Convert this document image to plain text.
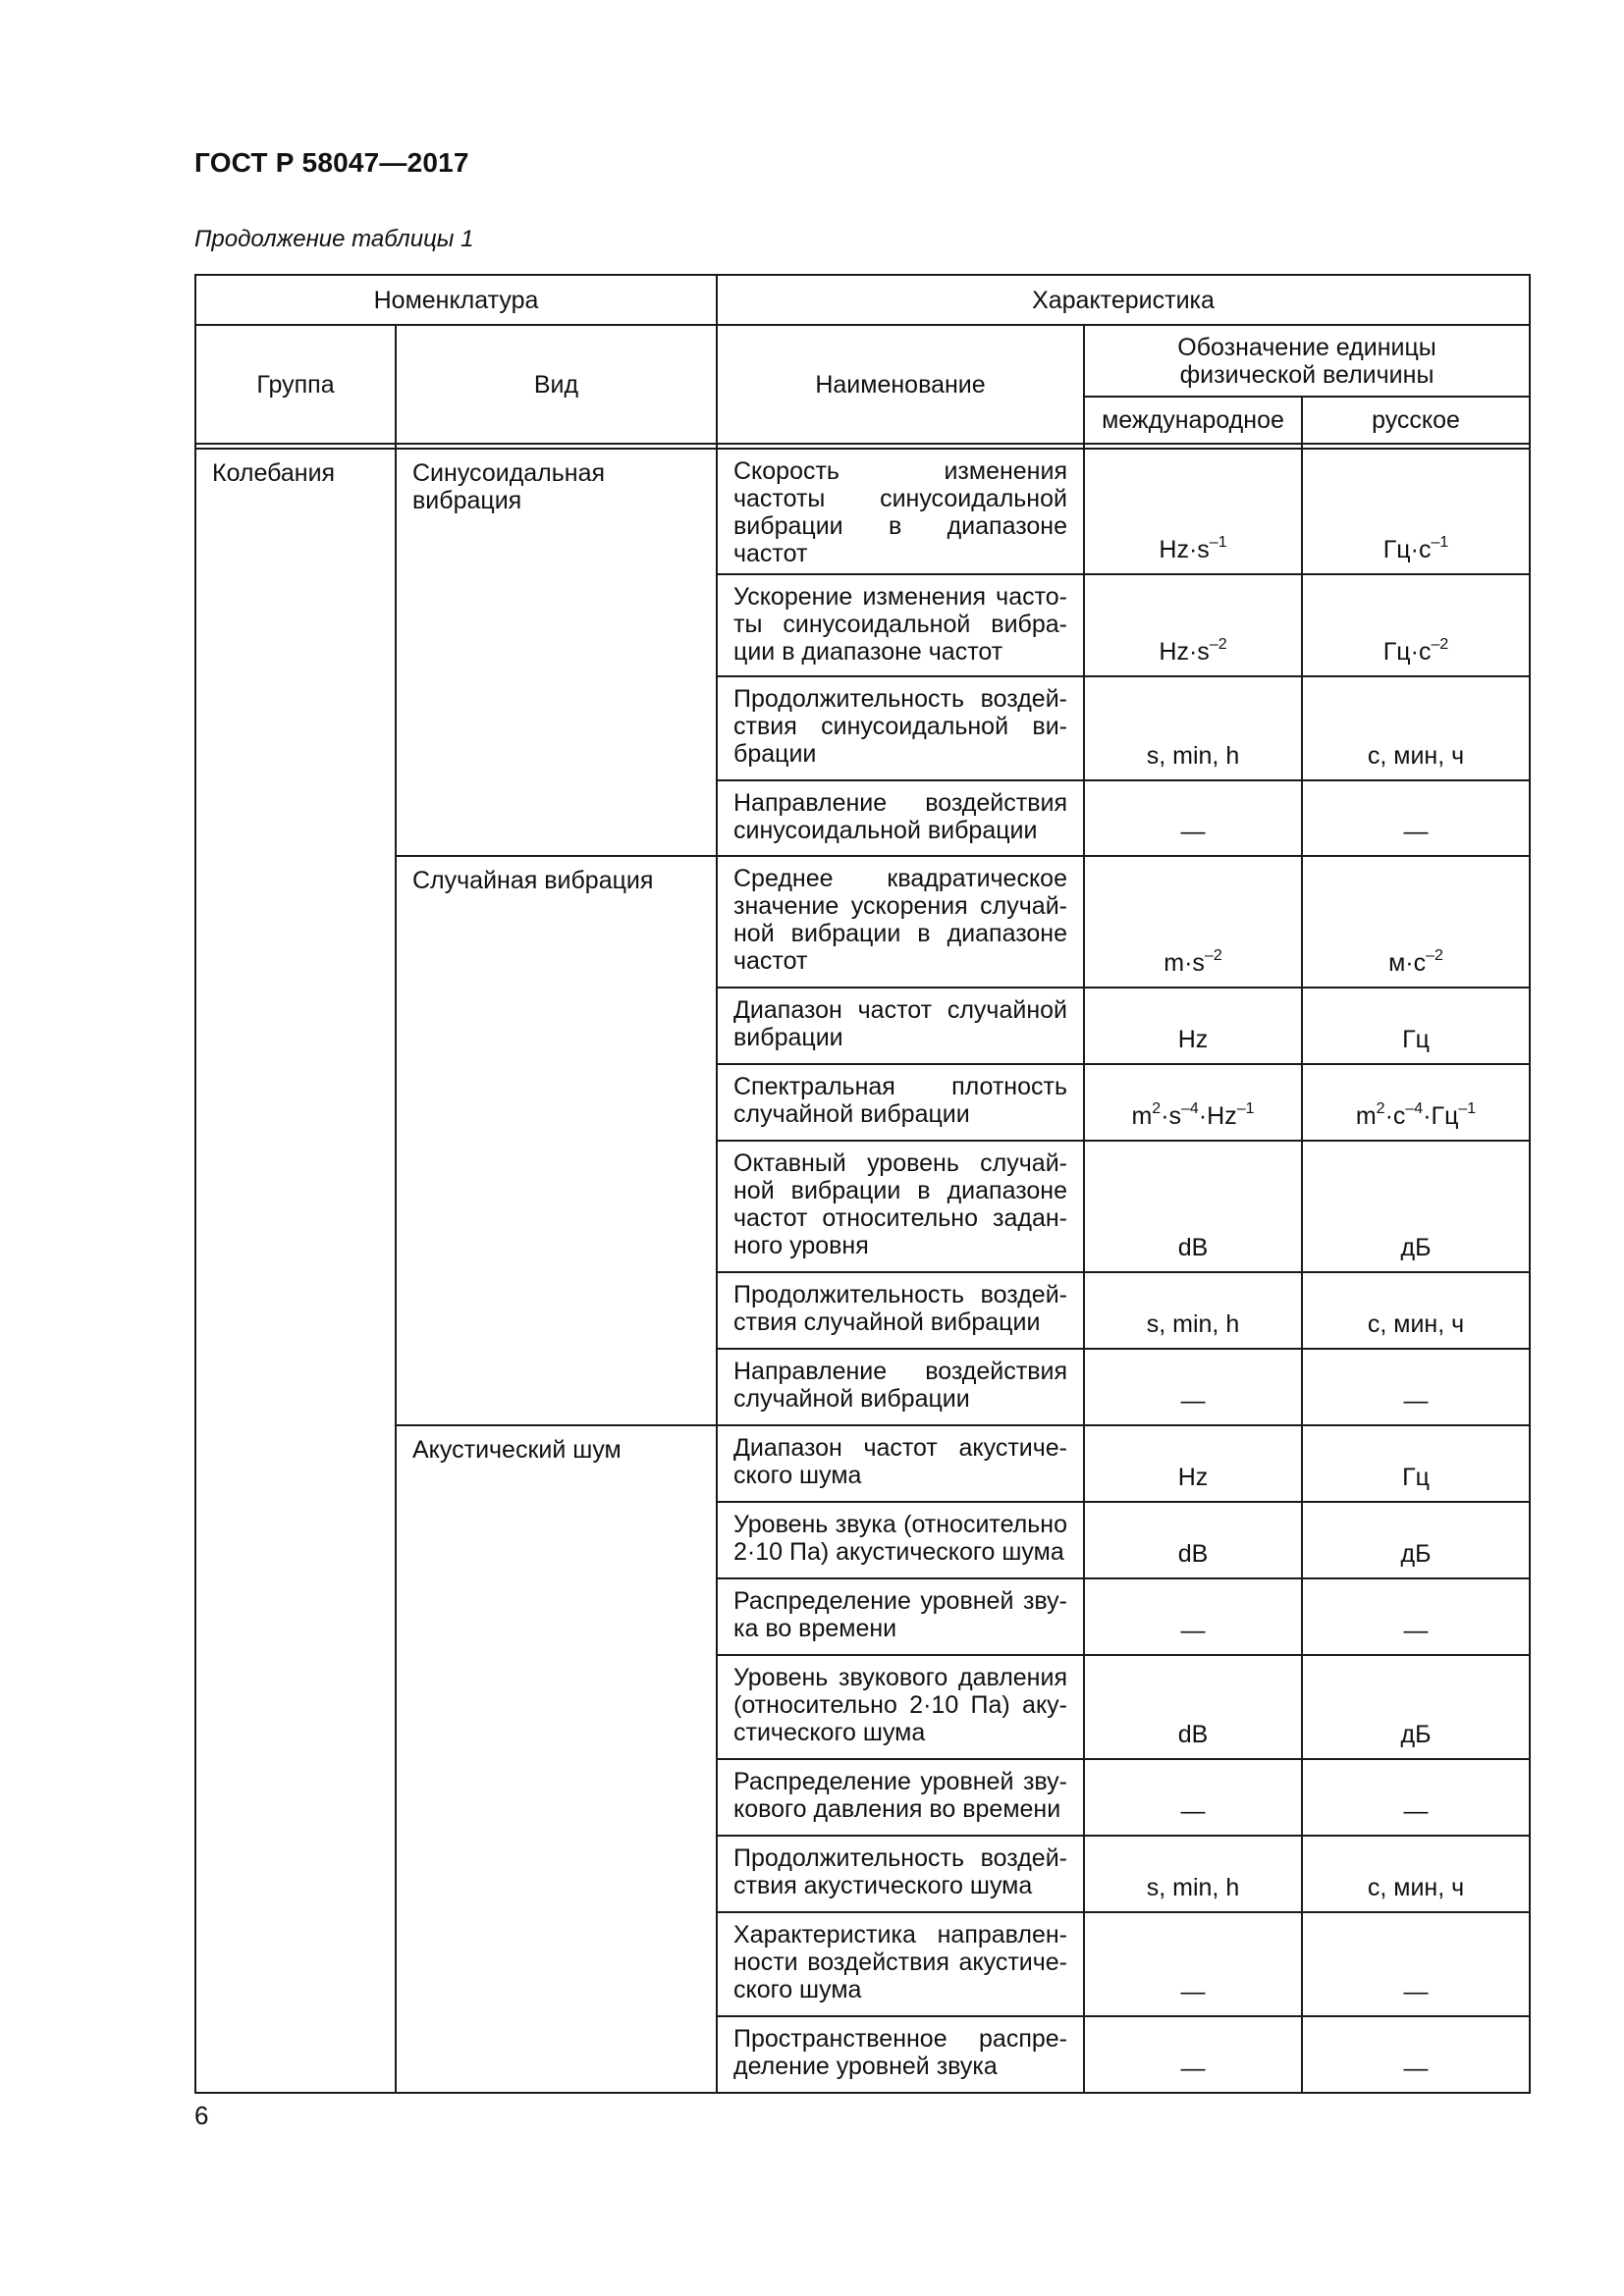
ГОСТ Р 58047—2017
Продолжение таблицы 1
Номенклатура		Характеристика		
Группа	Вид	Наименование	Обозначение единицы физической величины	
			международное	русское

Колебания	Синусоидальная вибрация	Скорость изменения частоты синусоидальной вибрации в диапазоне частот	$Hz\cdot s^{-1}$	$Гц\cdot с^{-1}$
		Ускорение изменения частоты синусоидальной вибрации в диапазоне частот	$Hz\cdot s^{-2}$	$Гц\cdot с^{-2}$
		Продолжительность воздействия синусоидальной вибрации	s, min, h	с, мин, ч
		Направление воздействия синусоидальной вибрации	—	—
	Случайная вибрация	Среднее квадратическое значение ускорения случайной вибрации в диапазоне частот	$m\cdot s^{-2}$	$м\cdot с^{-2}$
		Диапазон частот случайной вибрации	Hz	Гц
		Спектральная плотность случайной вибрации	$m^2\cdot s^{-4}\cdot Hz^{-1}$	$m^2\cdot с^{-4}\cdot Гц^{-1}$
		Октавный уровень случайной вибрации в диапазоне частот относительно заданного уровня	dB	дБ
		Продолжительность воздействия случайной вибрации	s, min, h	с, мин, ч
		Направление воздействия случайной вибрации	—	—
	Акустический шум	Диапазон частот акустического шума	Hz	Гц
		Уровень звука (относительно 2·10 Па) акустического шума	dB	дБ
		Распределение уровней звука во времени	—	—
		Уровень звукового давления (относительно 2·10 Па) акустического шума	dB	дБ
		Распределение уровней звукового давления во времени	—	—
		Продолжительность воздействия акустического шума	s, min, h	с, мин, ч
		Характеристика направленности воздействия акустического шума	—	—
		Пространственное распределение уровней звука	—	—
6
